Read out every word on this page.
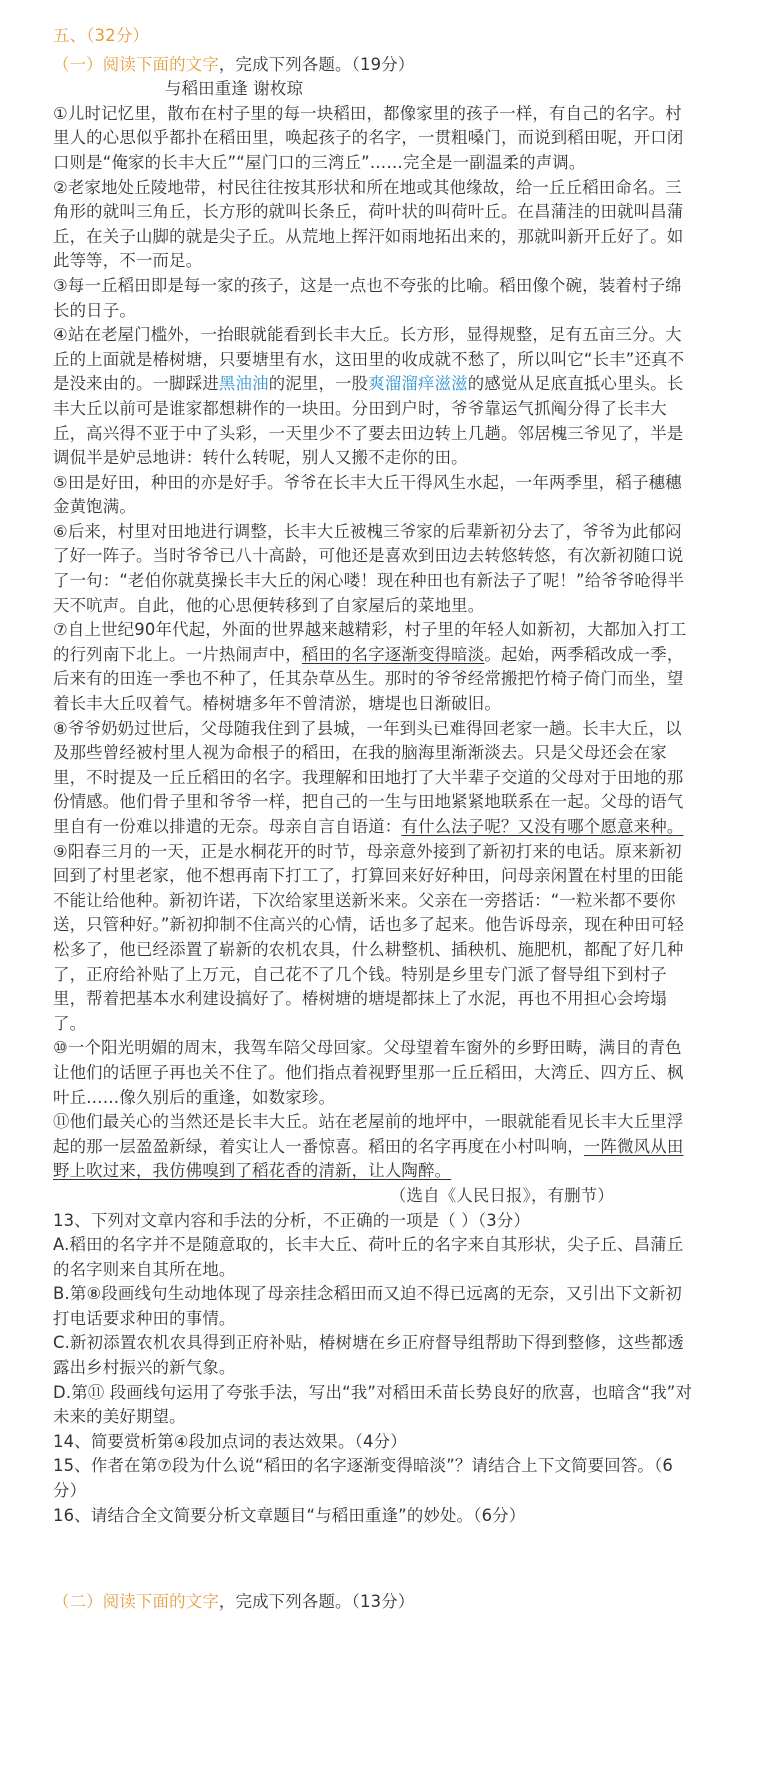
五、（32分）
（一）阅读下面的文字，完成下列各题。（19分）
与稻田重逢 谢枚琼
①儿时记忆里，散布在村子里的每一块稻田，都像家里的孩子一样，有自己的名字。村
里人的心思似乎都扑在稻田里，唤起孩子的名字，一贯粗嗓门，而说到稻田呢，开口闭
口则是“俺家的长丰大丘”“屋门口的三湾丘”……完全是一副温柔的声调。
②老家地处丘陵地带，村民往往按其形状和所在地或其他缘故，给一丘丘稻田命名。三
角形的就叫三角丘，长方形的就叫长条丘，荷叶状的叫荷叶丘。在昌蒲洼的田就叫昌蒲
丘，在关子山脚的就是尖子丘。从荒地上挥汗如雨地拓出来的，那就叫新开丘好了。如
此等等，不一而足。
③每一丘稻田即是每一家的孩子，这是一点也不夸张的比喻。稻田像个碗，装着村子绵
长的日子。
④站在老屋门槛外，一抬眼就能看到长丰大丘。长方形，显得规整，足有五亩三分。大
丘的上面就是椿树塘，只要塘里有水，这田里的收成就不愁了，所以叫它“长丰”还真不
是没来由的。一脚踩进黑油油的泥里，一股爽溜溜痒滋滋的感觉从足底直抵心里头。长
丰大丘以前可是谁家都想耕作的一块田。分田到户时，爷爷靠运气抓阄分得了长丰大
丘，高兴得不亚于中了头彩，一天里少不了要去田边转上几趟。邻居槐三爷见了，半是
调侃半是妒忌地讲：转什么转呢，别人又搬不走你的田。
⑤田是好田，种田的亦是好手。爷爷在长丰大丘干得风生水起，一年两季里，稻子穗穗
金黄饱满。
⑥后来，村里对田地进行调整，长丰大丘被槐三爷家的后辈新初分去了，爷爷为此郁闷
了好一阵子。当时爷爷已八十高龄，可他还是喜欢到田边去转悠转悠，有次新初随口说
了一句：“老伯你就莫操长丰大丘的闲心喽！现在种田也有新法子了呢！”给爷爷呛得半
天不吭声。自此，他的心思便转移到了自家屋后的菜地里。
⑦自上世纪90年代起，外面的世界越来越精彩，村子里的年轻人如新初，大都加入打工
的行列南下北上。一片热闹声中，稻田的名字逐渐变得暗淡。起始，两季稻改成一季，
后来有的田连一季也不种了，任其杂草丛生。那时的爷爷经常搬把竹椅子倚门而坐，望
着长丰大丘叹着气。椿树塘多年不曾清淤，塘堤也日渐破旧。
⑧爷爷奶奶过世后，父母随我住到了县城，一年到头已难得回老家一趟。长丰大丘，以
及那些曾经被村里人视为命根子的稻田，在我的脑海里渐渐淡去。只是父母还会在家
里，不时提及一丘丘稻田的名字。我理解和田地打了大半辈子交道的父母对于田地的那
份情感。他们骨子里和爷爷一样，把自己的一生与田地紧紧地联系在一起。父母的语气
里自有一份难以排遣的无奈。母亲自言自语道：有什么法子呢？又没有哪个愿意来种。
⑨阳春三月的一天，正是水桐花开的时节，母亲意外接到了新初打来的电话。原来新初
回到了村里老家，他不想再南下打工了，打算回来好好种田，问母亲闲置在村里的田能
不能让给他种。新初许诺，下次给家里送新米来。父亲在一旁搭话：“一粒米都不要你
送，只管种好。”新初抑制不住高兴的心情，话也多了起来。他告诉母亲，现在种田可轻
松多了，他已经添置了崭新的农机农具，什么耕整机、插秧机、施肥机，都配了好几种
了，正府给补贴了上万元，自己花不了几个钱。特别是乡里专门派了督导组下到村子
里，帮着把基本水利建设搞好了。椿树塘的塘堤都抹上了水泥，再也不用担心会垮塌
了。
⑩一个阳光明媚的周末，我驾车陪父母回家。父母望着车窗外的乡野田畴，满目的青色
让他们的话匣子再也关不住了。他们指点着视野里那一丘丘稻田，大湾丘、四方丘、枫
叶丘……像久别后的重逢，如数家珍。
⑪他们最关心的当然还是长丰大丘。站在老屋前的地坪中，一眼就能看见长丰大丘里浮
起的那一层盈盈新绿，着实让人一番惊喜。稻田的名字再度在小村叫响，一阵微风从田
野上吹过来，我仿佛嗅到了稻花香的清新，让人陶醉。
（选自《人民日报》，有删节）
13、下列对文章内容和手法的分析，不正确的一项是（ ）（3分）
A.稻田的名字并不是随意取的，长丰大丘、荷叶丘的名字来自其形状，尖子丘、昌蒲丘
的名字则来自其所在地。
B.第⑧段画线句生动地体现了母亲挂念稻田而又迫不得已远离的无奈，又引出下文新初
打电话要求种田的事情。
C.新初添置农机农具得到正府补贴，椿树塘在乡正府督导组帮助下得到整修，这些都透
露出乡村振兴的新气象。
D.第⑪ 段画线句运用了夸张手法，写出“我”对稻田禾苗长势良好的欣喜，也暗含“我”对
未来的美好期望。
14、简要赏析第④段加点词的表达效果。（4分）
15、作者在第⑦段为什么说“稻田的名字逐渐变得暗淡”？请结合上下文简要回答。（6
分）
16、请结合全文简要分析文章题目“与稻田重逢”的妙处。（6分）
（二）阅读下面的文字，完成下列各题。（13分）
